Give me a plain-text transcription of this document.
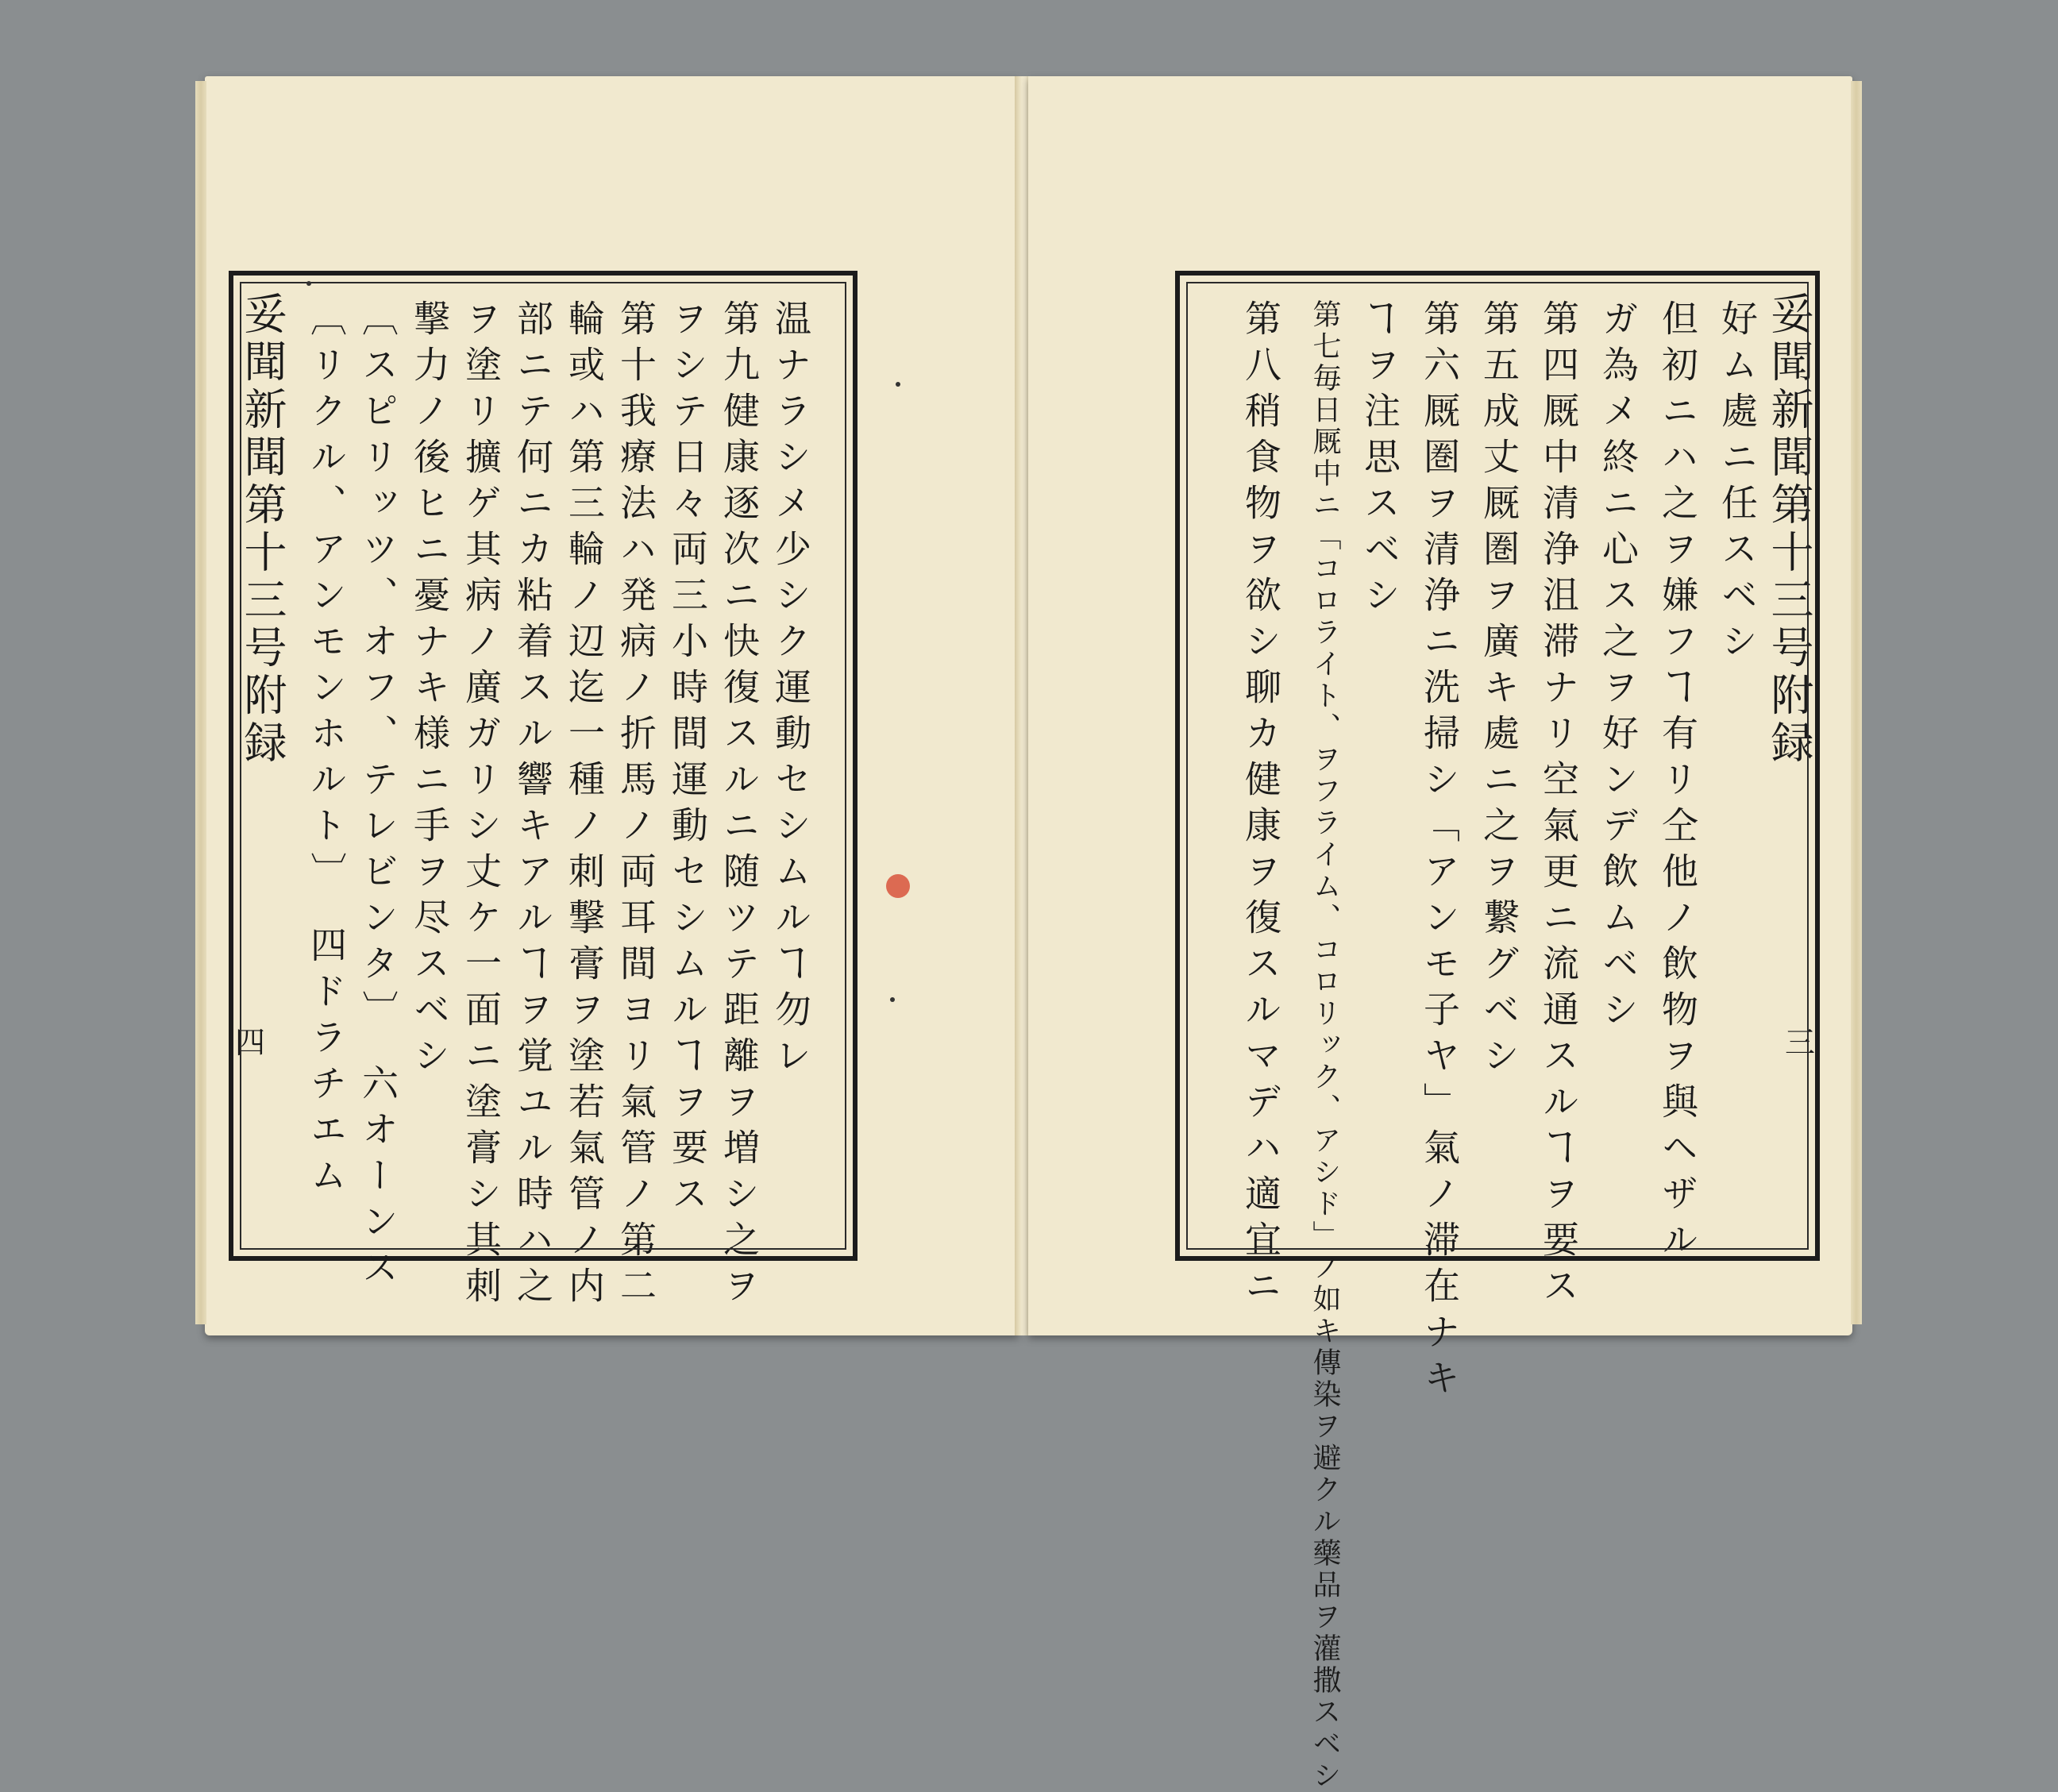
妥聞新聞第十三号附録
四	温ナラシメ少シク運動セシムルヿ勿レ
第九健康逐次ニ快復スルニ随ツテ距離ヲ増シ之ヲ
ヲシテ日々両三小時間運動セシムルヿヲ要ス
第十我療法ハ発病ノ折馬ノ両耳間ヨリ氣管ノ第二
輪或ハ第三輪ノ辺迄一種ノ刺撃膏ヲ塗若氣管ノ内
部ニテ何ニカ粘着スル響キアルヿヲ覚ユル時ハ之
ヲ塗リ擴ゲ其病ノ廣ガリシ丈ケ一面ニ塗膏シ其刺
撃力ノ後ヒニ憂ナキ様ニ手ヲ尽スベシ
〔スピリッツ、オフ、テレビンタ〕　六オーンス
〔リクル、アンモンホルト〕　四ドラチエム	妥聞新聞第十三号附録
三
好ム處ニ任スベシ
但初ニハ之ヲ嫌フヿ有リ仝他ノ飲物ヲ與ヘザル
ガ為メ終ニ心ス之ヲ好ンデ飲ムベシ
第四厩中清浄沮滞ナリ空氣更ニ流通スルヿヲ要ス
第五成丈厩圏ヲ廣キ處ニ之ヲ繋グベシ
第六厩圏ヲ清浄ニ洗掃シ「アンモ子ヤ」氣ノ滞在ナキ
ヿヲ注思スベシ
第七毎日厩中ニ「コロライト、ヲフライム、コロリック、アシド」ノ如キ傳染ヲ避クル藥品ヲ灌撒スベシ
第八稍食物ヲ欲シ聊カ健康ヲ復スルマデハ適宜ニ
